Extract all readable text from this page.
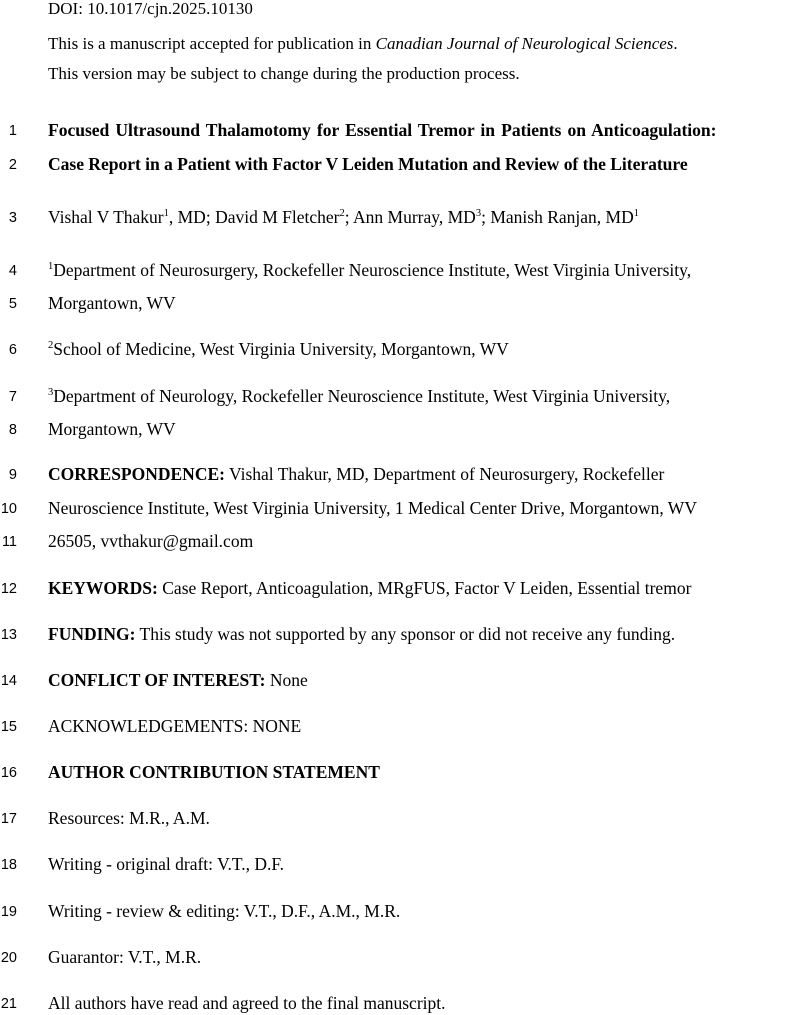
DOI: 10.1017/cjn.2025.10130
This is a manuscript accepted for publication in Canadian Journal of Neurological Sciences.
This version may be subject to change during the production process.
1 Focused Ultrasound Thalamotomy for Essential Tremor in Patients on Anticoagulation:
2 Case Report in a Patient with Factor V Leiden Mutation and Review of the Literature
3 Vishal V Thakur$^1$, MD; David M Fletcher$^2$; Ann Murray, $MD^3$; Manish Ranjan, $MD^1$
4	$^1$Department of Neurosurgery, Rockefeller Neuroscience Institute, West Virginia University,
5 Morgantown, WV
6	$^2$School of Medicine, West Virginia University, Morgantown, WV
7	$^3$Department of Neurology, Rockefeller Neuroscience Institute, West Virginia University,
8 Morgantown, WV
9 CORRESPONDENCE: Vishal Thakur, MD, Department of Neurosurgery, Rockefeller
10 Neuroscience Institute, West Virginia University, 1 Medical Center Drive, Morgantown, WV
11 26505, vvthakur@gmail.com
12 KEYWORDS: Case Report, Anticoagulation, MRgFUS, Factor V Leiden, Essential tremor
13 FUNDING: This study was not supported by any sponsor or did not receive any funding.
14 CONFLICT OF INTEREST: None
15 ACKNOWLEDGEMENTS: NONE
16 AUTHOR CONTRIBUTION STATEMENT
17 Resources: M.R., A.M.
18 Writing - original draft: V.T., D.F.
19 Writing - review & editing: V.T., D.F., A.M., M.R.
20 Guarantor: V.T., M.R.
21 All authors have read and agreed to the final manuscript.
